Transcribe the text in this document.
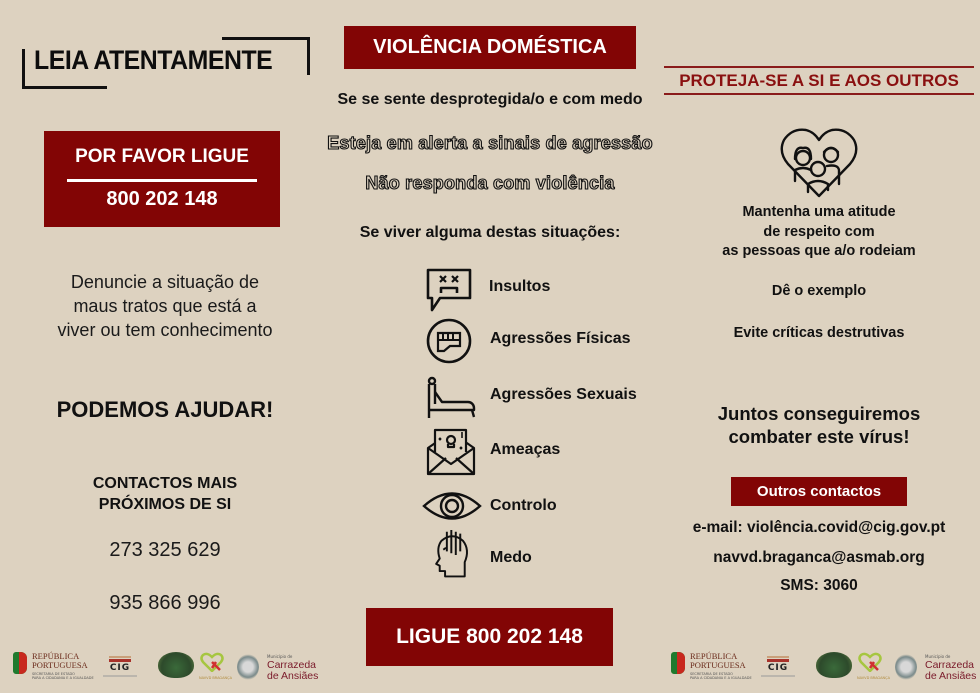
LEIA ATENTAMENTE
POR FAVOR LIGUE
800 202 148
Denuncie a situação de
maus tratos que está a
viver ou tem conhecimento
PODEMOS AJUDAR!
CONTACTOS MAIS
PRÓXIMOS DE SI
273 325 629
935 866 996
VIOLÊNCIA DOMÉSTICA
Se se sente desprotegida/o e com medo
Esteja em alerta a sinais de agressão
Não responda com violência
Se viver alguma destas situações:
Insultos
Agressões Físicas
Agressões Sexuais
Ameaças
Controlo
Medo
LIGUE 800 202 148
PROTEJA-SE A SI E AOS OUTROS
Mantenha uma atitude
de respeito com
as pessoas que a/o rodeiam
Dê o exemplo
Evite críticas destrutivas
Juntos conseguiremos
combater este vírus!
Outros contactos
e-mail: violência.covid@cig.gov.pt
navvd.braganca@asmab.org
SMS: 3060
REPÚBLICA
PORTUGUESA
SECRETARIA DE ESTADO
PARA A CIDADANIA E A IGUALDADE
CIG
NAVVD BRAGANÇA
Município de
Carrazeda
de Ansiães
REPÚBLICA
PORTUGUESA
SECRETARIA DE ESTADO
PARA A CIDADANIA E A IGUALDADE
CIG
NAVVD BRAGANÇA
Município de
Carrazeda
de Ansiães
